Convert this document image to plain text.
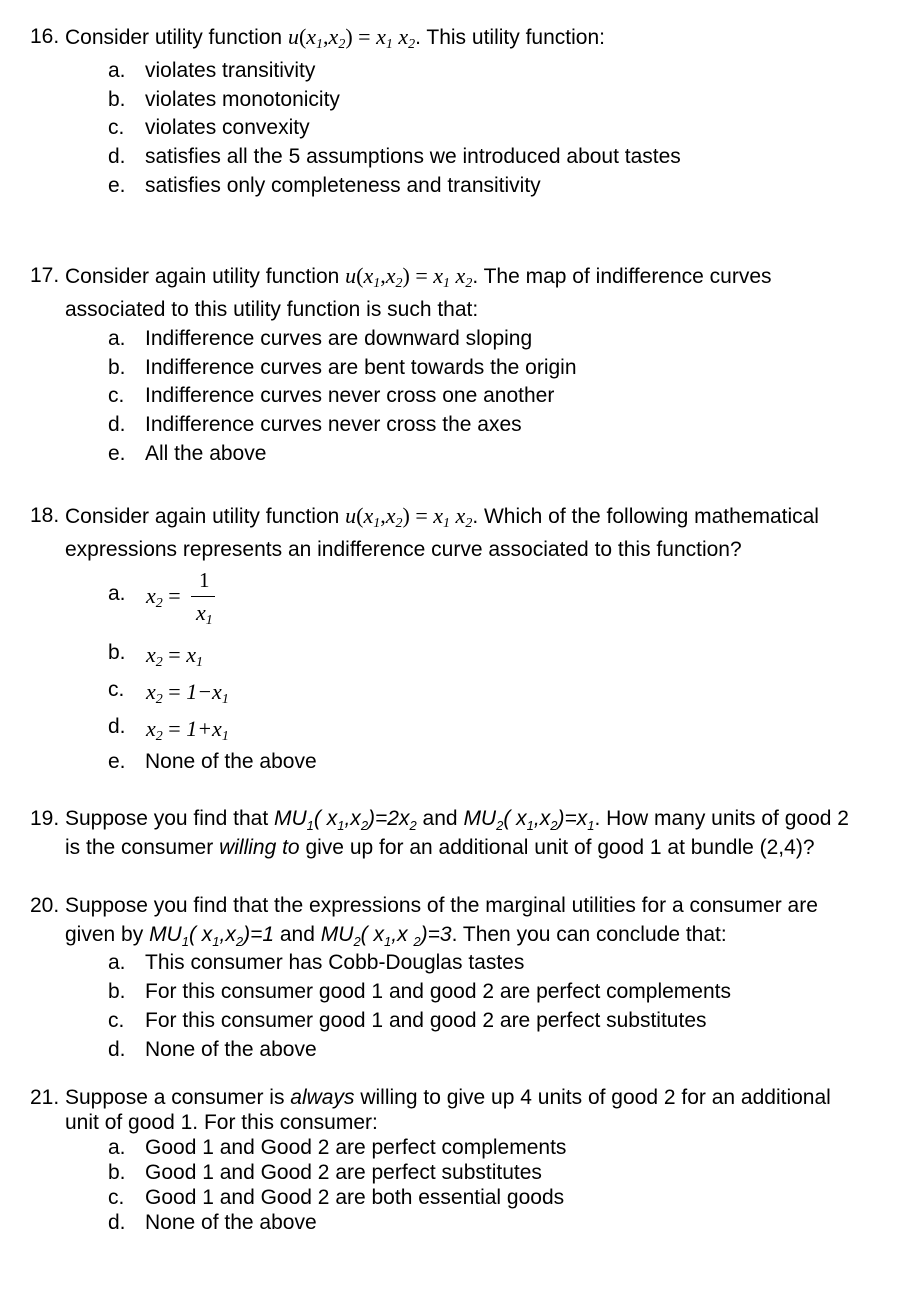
16. Consider utility function u(x1,x2) = x1 x2. This utility function:
a. violates transitivity
b. violates monotonicity
c. violates convexity
d. satisfies all the 5 assumptions we introduced about tastes
e. satisfies only completeness and transitivity
17. Consider again utility function u(x1,x2) = x1 x2. The map of indifference curves
associated to this utility function is such that:
a. Indifference curves are downward sloping
b. Indifference curves are bent towards the origin
c. Indifference curves never cross one another
d. Indifference curves never cross the axes
e. All the above
18. Consider again utility function u(x1,x2) = x1 x2. Which of the following mathematical
expressions represents an indifference curve associated to this function?
a. x2 =
1
x1
b. x2 = x1
c. x2 = 1−x1
d. x2 = 1+x1
e. None of the above
19. Suppose you find that $MU_1$( $x_1,x_2)=2x_2$ and $MU_2$( $x_1,x_2)=x_1$. How many units of good 2
is the consumer willing to give up for an additional unit of good 1 at bundle (2,4)?
20. Suppose you find that the expressions of the marginal utilities for a consumer are
given by $MU_1$( $x_1,x_2)=1$ and $MU_2$( $x_1,x$ $_2$)=3. Then you can conclude that:
a. This consumer has Cobb-Douglas tastes
b. For this consumer good 1 and good 2 are perfect complements
c. For this consumer good 1 and good 2 are perfect substitutes
d. None of the above
21. Suppose a consumer is always willing to give up 4 units of good 2 for an additional
unit of good 1. For this consumer:
a. Good 1 and Good 2 are perfect complements
b. Good 1 and Good 2 are perfect substitutes
c. Good 1 and Good 2 are both essential goods
d. None of the above
